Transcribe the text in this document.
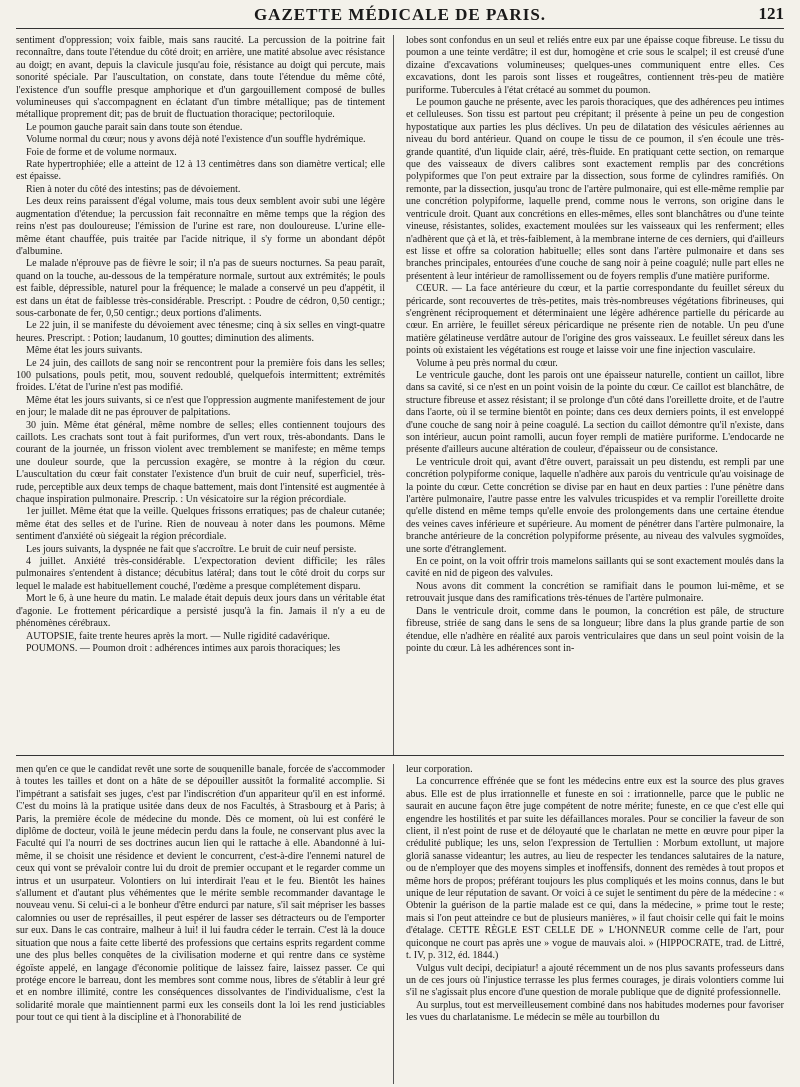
GAZETTE MÉDICALE DE PARIS.	121

sentiment d'oppression; voix faible, mais sans raucité. La percussion de la poitrine fait reconnaître, dans toute l'étendue du côté droit; en arrière, une matité absolue avec résistance au doigt; en avant, depuis la clavicule jusqu'au foie, résistance au doigt qui percute, mais sonorité spéciale. Par l'auscultation, on constate, dans toute l'étendue du même côté, l'existence d'un souffle presque amphorique et d'un gargouillement composé de bulles volumineuses qui s'accompagnent en éclatant d'un timbre métallique; pas de tintement métallique proprement dit; pas de bruit de fluctuation thoracique; pectoriloquie.

Le poumon gauche parait sain dans toute son étendue.

Volume normal du cœur; nous y avons déjà noté l'existence d'un souffle hydrémique.

Foie de forme et de volume normaux.

Rate hypertrophiée; elle a atteint de 12 à 13 centimètres dans son diamètre vertical; elle est épaisse.

Rien à noter du côté des intestins; pas de dévoiement.

Les deux reins paraissent d'égal volume, mais tous deux semblent avoir subi une légère augmentation d'étendue; la percussion fait reconnaître en même temps que la région des reins n'est pas douloureuse; l'émission de l'urine est rare, non douloureuse. L'urine elle-même étant chauffée, puis traitée par l'acide nitrique, il s'y forme un abondant dépôt d'albumine.

Le malade n'éprouve pas de fièvre le soir; il n'a pas de sueurs nocturnes. Sa peau paraît, quand on la touche, au-dessous de la température normale, surtout aux extrémités; le pouls est faible, dépressible, naturel pour la fréquence; le malade a conservé un peu d'appétit, il est dans un état de faiblesse très-considérable. Prescript. : Poudre de cédron, 0,50 centigr.; sous-carbonate de fer, 0,50 centigr.; deux portions d'aliments.

Le 22 juin, il se manifeste du dévoiement avec ténesme; cinq à six selles en vingt-quatre heures. Prescript. : Potion; laudanum, 10 gouttes; diminution des aliments.

Même état les jours suivants.

Le 24 juin, des caillots de sang noir se rencontrent pour la première fois dans les selles; 100 pulsations, pouls petit, mou, souvent redoublé, quelquefois intermittent; extrémités froides. L'état de l'urine n'est pas modifié.

Même état les jours suivants, si ce n'est que l'oppression augmente manifestement de jour en jour; le malade dit ne pas éprouver de palpitations.

30 juin. Même état général, même nombre de selles; elles contiennent toujours des caillots. Les crachats sont tout à fait puriformes, d'un vert roux, très-abondants. Dans le courant de la journée, un frisson violent avec tremblement se manifeste; en même temps une douleur sourde, que la percussion exagère, se montre à la région du cœur. L'auscultation du cœur fait constater l'existence d'un bruit de cuir neuf, superficiel, très-rude, perceptible aux deux temps de chaque battement, mais dont l'intensité est augmentée à chaque inspiration pulmonaire. Prescrip. : Un vésicatoire sur la région précordiale.

1er juillet. Même état que la veille. Quelques frissons erratiques; pas de chaleur cutanée; même état des selles et de l'urine. Rien de nouveau à noter dans les poumons. Même sentiment d'anxiété où siégeait la région précordiale.

Les jours suivants, la dyspnée ne fait que s'accroître. Le bruit de cuir neuf persiste.

4 juillet. Anxiété très-considérable. L'expectoration devient difficile; les râles pulmonaires s'entendent à distance; décubitus latéral; dans tout le côté droit du corps sur lequel le malade est habituellement couché, l'œdème a presque complétement disparu.

Mort le 6, à une heure du matin. Le malade était depuis deux jours dans un véritable état d'agonie. Le frottement péricardique a persisté jusqu'à la fin. Jamais il n'y a eu de phénomènes cérébraux.

AUTOPSIE, faite trente heures après la mort. — Nulle rigidité cadavérique.

POUMONS. — Poumon droit : adhérences intimes aux parois thoraciques; les

lobes sont confondus en un seul et reliés entre eux par une épaisse coque fibreuse. Le tissu du poumon a une teinte verdâtre; il est dur, homogène et crie sous le scalpel; il est creusé d'une dizaine d'excavations volumineuses; quelques-unes communiquent entre elles. Ces excavations, dont les parois sont lisses et rougeâtres, contiennent très-peu de matière puriforme. Tubercules à l'état crétacé au sommet du poumon.

Le poumon gauche ne présente, avec les parois thoraciques, que des adhérences peu intimes et celluleuses. Son tissu est partout peu crépitant; il présente à peine un peu de congestion hypostatique aux parties les plus déclives. Un peu de dilatation des vésicules aériennes au niveau du bord antérieur. Quand on coupe le tissu de ce poumon, il s'en écoule une très-grande quantité, d'un liquide clair, aéré, très-fluide. En pratiquant cette section, on remarque que des vaisseaux de divers calibres sont exactement remplis par des concrétions polypiformes que l'on peut extraire par la dissection, sous forme de cylindres ramifiés. On remonte, par la dissection, jusqu'au tronc de l'artère pulmonaire, qui est elle-même remplie par une concrétion polypiforme, laquelle prend, comme nous le verrons, son origine dans le ventricule droit. Quant aux concrétions en elles-mêmes, elles sont blanchâtres ou d'une teinte vineuse, résistantes, solides, exactement moulées sur les vaisseaux qui les renferment; elles n'adhèrent que çà et là, et très-faiblement, à la membrane interne de ces derniers, qui d'ailleurs est lisse et offre sa coloration habituelle; elles sont dans l'artère pulmonaire et dans ses branches principales, entourées d'une couche de sang noir à peine coagulé; nulle part elles ne présentent à leur intérieur de ramollissement ou de foyers remplis d'une matière puriforme.

CŒUR. — La face antérieure du cœur, et la partie correspondante du feuillet séreux du péricarde, sont recouvertes de très-petites, mais très-nombreuses végétations fibrineuses, qui s'engrènent réciproquement et déterminaient une légère adhérence partielle du péricarde au cœur. En arrière, le feuillet séreux péricardique ne présente rien de notable. Un peu d'une matière gélatineuse verdâtre autour de l'origine des gros vaisseaux. Le feuillet séreux dans les points où existaient les végétations est rouge et laisse voir une fine injection vasculaire.

Volume à peu près normal du cœur.

Le ventricule gauche, dont les parois ont une épaisseur naturelle, contient un caillot, libre dans sa cavité, si ce n'est en un point voisin de la pointe du cœur. Ce caillot est blanchâtre, de structure fibreuse et assez résistant; il se prolonge d'un côté dans l'oreillette droite, et de l'autre dans l'aorte, où il se termine bientôt en pointe; dans ces deux derniers points, il est enveloppé d'une couche de sang noir à peine coagulé. La section du caillot démontre qu'il n'existe, dans son intérieur, aucun point ramolli, aucun foyer rempli de matière puriforme. L'endocarde ne présente d'ailleurs aucune altération de couleur, d'épaisseur ou de consistance.

Le ventricule droit qui, avant d'être ouvert, paraissait un peu distendu, est rempli par une concrétion polypiforme conique, laquelle n'adhère aux parois du ventricule qu'au voisinage de la pointe du cœur. Cette concrétion se divise par en haut en deux parties : l'une pénètre dans l'artère pulmonaire, l'autre passe entre les valvules tricuspides et va remplir l'oreillette droite qu'elle distend en même temps qu'elle envoie des prolongements dans une certaine étendue des veines caves inférieure et supérieure. Au moment de pénétrer dans l'artère pulmonaire, la branche antérieure de la concrétion polypiforme présente, au niveau des valvules sygmoïdes, une sorte d'étranglement.

En ce point, on la voit offrir trois mamelons saillants qui se sont exactement moulés dans la cavité en nid de pigeon des valvules.

Nous avons dit comment la concrétion se ramifiait dans le poumon lui-même, et se retrouvait jusque dans des ramifications très-ténues de l'artère pulmonaire.

Dans le ventricule droit, comme dans le poumon, la concrétion est pâle, de structure fibreuse, striée de sang dans le sens de sa longueur; libre dans la plus grande partie de son étendue, elle n'adhère en réalité aux parois ventriculaires que dans un seul point voisin de la pointe du cœur. Là les adhérences sont in-

men qu'en ce que le candidat revêt une sorte de souquenille banale, forcée de s'accommoder à toutes les tailles et dont on a hâte de se dépouiller aussitôt la formalité accomplie. Si l'impétrant a satisfait ses juges, c'est par l'indiscrétion d'un appariteur qu'il en est informé. C'est du moins là la pratique usitée dans deux de nos Facultés, à Strasbourg et à Paris; à Paris, la première école de médecine du monde. Dès ce moment, où lui est conféré le diplôme de docteur, voilà le jeune médecin perdu dans la foule, ne conservant plus avec la Faculté qui l'a nourri de ses doctrines aucun lien qui le rattache à elle. Abandonné à lui-même, il se choisit une résidence et devient le concurrent, c'est-à-dire l'ennemi naturel de ceux qui vont se prévaloir contre lui du droit de premier occupant et le regarder comme un intrus et un usurpateur. Volontiers on lui interdirait l'eau et le feu. Bientôt les haines s'allument et d'autant plus véhémentes que le mérite semble recommander davantage le nouveau venu. Si celui-ci a le bonheur d'être endurci par nature, s'il sait mépriser les basses calomnies ou user de représailles, il peut espérer de lasser ses détracteurs ou de l'emporter sur eux. Dans le cas contraire, malheur à lui! il lui faudra céder le terrain. C'est là la douce situation que nous a faite cette liberté des professions que certains esprits regardent comme une des plus belles conquêtes de la civilisation moderne et qui rentre dans ce système égoïste appelé, en langage d'économie politique de laissez faire, laissez passer. Ce qui protége encore le barreau, dont les membres sont comme nous, libres de s'établir à leur gré et en nombre illimité, contre les conséquences dissolvantes de l'individualisme, c'est la solidarité morale que maintiennent parmi eux les conseils dont la loi les rend justiciables pour tout ce qui tient à la discipline et à l'honorabilité de

leur corporation.

La concurrence effrénée que se font les médecins entre eux est la source des plus graves abus. Elle est de plus irrationnelle et funeste en soi : irrationnelle, parce que le public ne saurait en aucune façon être juge compétent de notre mérite; funeste, en ce que c'est elle qui engendre les hostilités et par suite les défaillances morales. Pour se concilier la faveur de son client, il n'est point de ruse et de déloyauté que le charlatan ne mette en œuvre pour piper la crédulité publique; les uns, selon l'expression de Tertullien : Morbum extollunt, ut majore gloriâ sanasse videantur; les autres, au lieu de respecter les tendances salutaires de la nature, ou de n'employer que des moyens simples et inoffensifs, donnent des remèdes à tout propos et même hors de propos; préférant toujours les plus compliqués et les moins connus, dans le but unique de leur réputation de savant. Or voici à ce sujet le sentiment du père de la médecine : « Obtenir la guérison de la partie malade est ce qui, dans la médecine, » prime tout le reste; mais si l'on peut atteindre ce but de plusieurs manières, » il faut choisir celle qui fait le moins d'étalage. CETTE RÈGLE EST CELLE DE » L'HONNEUR comme celle de l'art, pour quiconque ne court pas après une » vogue de mauvais aloi. » (HIPPOCRATE, trad. de Littré, t. IV, p. 312, éd. 1844.)

Vulgus vult decipi, decipiatur! a ajouté récemment un de nos plus savants professeurs dans un de ces jours où l'injustice terrasse les plus fermes courages, je dirais volontiers comme lui s'il ne s'agissait plus encore d'une question de morale publique que de dignité professionnelle.

Au surplus, tout est merveilleusement combiné dans nos habitudes modernes pour favoriser les vues du charlatanisme. Le médecin se mêle au tourbillon du
